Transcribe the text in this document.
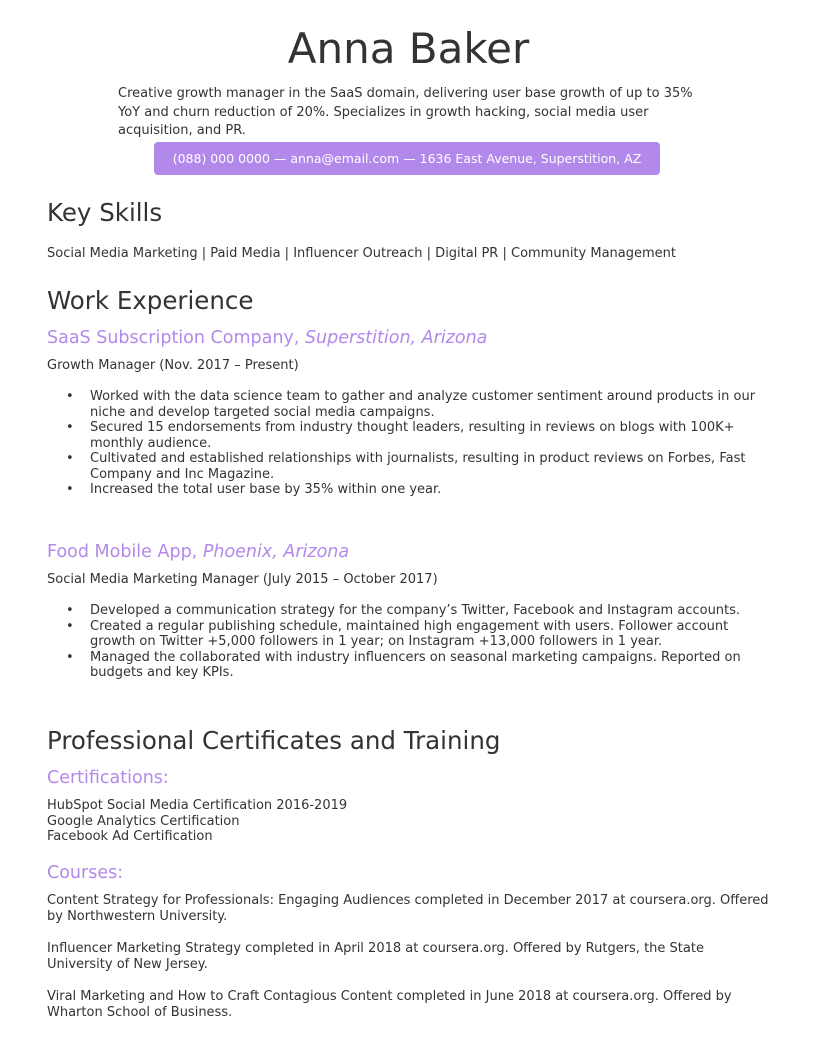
Anna Baker
Creative growth manager in the SaaS domain, delivering user base growth of up to 35% YoY and churn reduction of 20%. Specializes in growth hacking, social media user acquisition, and PR.
(088) 000 0000 — anna@email.com — 1636 East Avenue, Superstition, AZ
Key Skills
Social Media Marketing | Paid Media | Influencer Outreach | Digital PR | Community Management
Work Experience
SaaS Subscription Company, Superstition, Arizona
Growth Manager (Nov. 2017 – Present)
• Worked with the data science team to gather and analyze customer sentiment around products in our niche and develop targeted social media campaigns.
• Secured 15 endorsements from industry thought leaders, resulting in reviews on blogs with 100K+ monthly audience.
• Cultivated and established relationships with journalists, resulting in product reviews on Forbes, Fast Company and Inc Magazine.
• Increased the total user base by 35% within one year.
Food Mobile App, Phoenix, Arizona
Social Media Marketing Manager (July 2015 – October 2017)
• Developed a communication strategy for the company’s Twitter, Facebook and Instagram accounts.
• Created a regular publishing schedule, maintained high engagement with users. Follower account growth on Twitter +5,000 followers in 1 year; on Instagram +13,000 followers in 1 year.
• Managed the collaborated with industry influencers on seasonal marketing campaigns. Reported on budgets and key KPIs.
Professional Certificates and Training
Certifications:
HubSpot Social Media Certification 2016-2019
Google Analytics Certification
Facebook Ad Certification
Courses:
Content Strategy for Professionals: Engaging Audiences completed in December 2017 at coursera.org. Offered by Northwestern University.
Influencer Marketing Strategy completed in April 2018 at coursera.org. Offered by Rutgers, the State University of New Jersey.
Viral Marketing and How to Craft Contagious Content completed in June 2018 at coursera.org. Offered by Wharton School of Business.
